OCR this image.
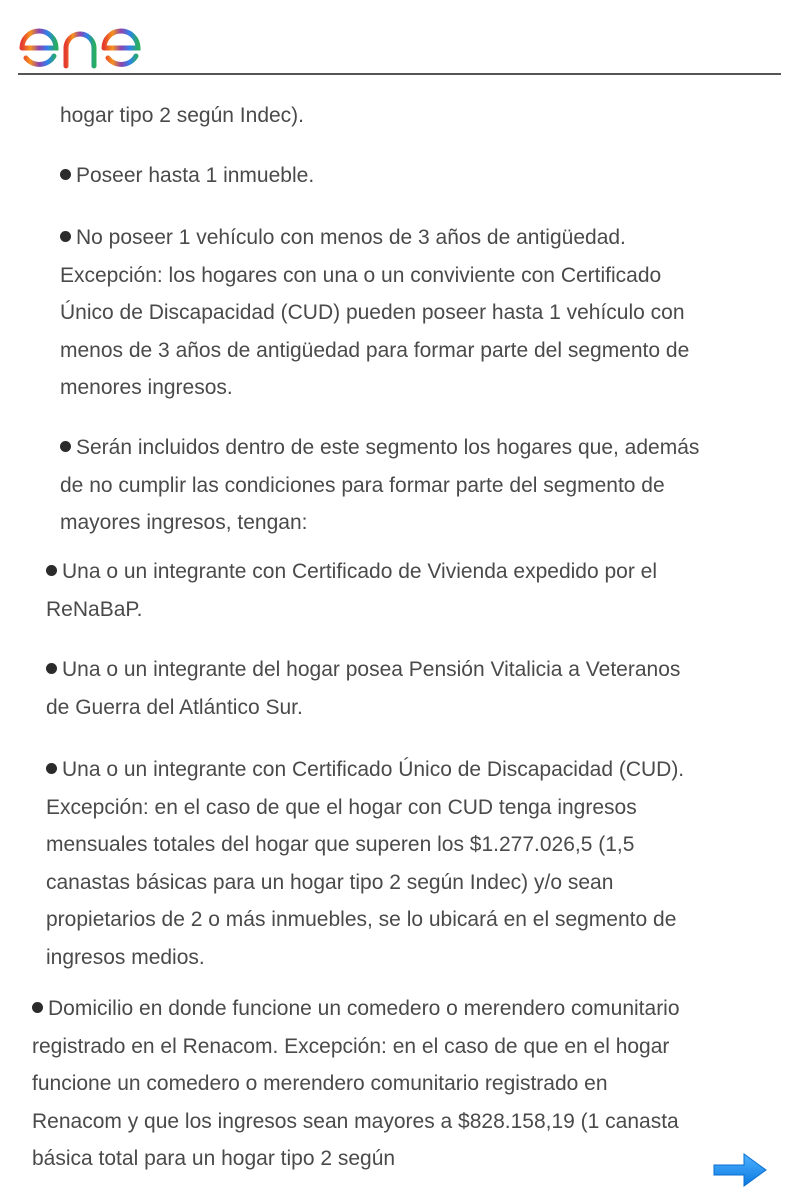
hogar tipo 2 según Indec).

Poseer hasta 1 inmueble.

No poseer 1 vehículo con menos de 3 años de antigüedad. Excepción: los hogares con una o un conviviente con Certificado Único de Discapacidad (CUD) pueden poseer hasta 1 vehículo con menos de 3 años de antigüedad para formar parte del segmento de menores ingresos.

Serán incluidos dentro de este segmento los hogares que, además de no cumplir las condiciones para formar parte del segmento de mayores ingresos, tengan:

Una o un integrante con Certificado de Vivienda expedido por el ReNaBaP.

Una o un integrante del hogar posea Pensión Vitalicia a Veteranos de Guerra del Atlántico Sur.

Una o un integrante con Certificado Único de Discapacidad (CUD). Excepción: en el caso de que el hogar con CUD tenga ingresos mensuales totales del hogar que superen los $1.277.026,5 (1,5 canastas básicas para un hogar tipo 2 según Indec) y/o sean propietarios de 2 o más inmuebles, se lo ubicará en el segmento de ingresos medios.

Domicilio en donde funcione un comedero o merendero comunitario registrado en el Renacom. Excepción: en el caso de que en el hogar funcione un comedero o merendero comunitario registrado en Renacom y que los ingresos sean mayores a $828.158,19 (1 canasta básica total para un hogar tipo 2 según
